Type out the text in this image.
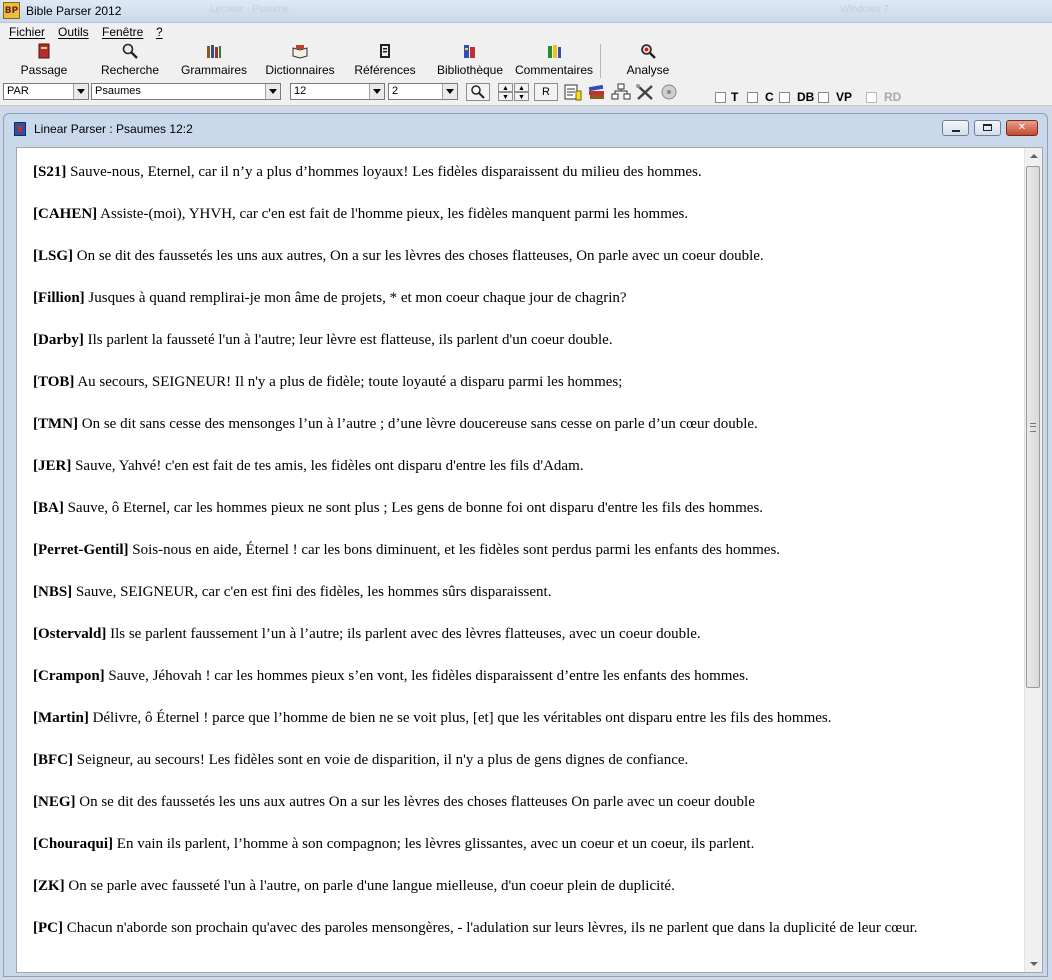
BP Bible Parser 2012	Lecteur - Psaume	Windows 7
Fichier Outils Fenêtre ?
Passage	Recherche	Grammaires Dictionnaires Références Bibliothèque Commentaires	Analyse
PAR	Psaumes	12	2	▲
▼
▲
▼	R	T C DB VP	RD
Linear Parser : Psaumes 12:2	✕
[S21] Sauve-nous, Eternel, car il n’y a plus d’hommes loyaux! Les fidèles disparaissent du milieu des hommes.
[CAHEN] Assiste-(moi), YHVH, car c'en est fait de l'homme pieux, les fidèles manquent parmi les hommes.
[LSG] On se dit des faussetés les uns aux autres, On a sur les lèvres des choses flatteuses, On parle avec un coeur double.
[Fillion] Jusques à quand remplirai-je mon âme de projets, * et mon coeur chaque jour de chagrin?
[Darby] Ils parlent la fausseté l'un à l'autre; leur lèvre est flatteuse, ils parlent d'un coeur double.
[TOB] Au secours, SEIGNEUR! Il n'y a plus de fidèle; toute loyauté a disparu parmi les hommes;
[TMN] On se dit sans cesse des mensonges l’un à l’autre ; d’une lèvre doucereuse sans cesse on parle d’un cœur double.
[JER] Sauve, Yahvé! c'en est fait de tes amis, les fidèles ont disparu d'entre les fils d'Adam.
[BA] Sauve, ô Eternel, car les hommes pieux ne sont plus ; Les gens de bonne foi ont disparu d'entre les fils des hommes.
[Perret-Gentil] Sois-nous en aide, Éternel ! car les bons diminuent, et les fidèles sont perdus parmi les enfants des hommes.
[NBS] Sauve, SEIGNEUR, car c'en est fini des fidèles, les hommes sûrs disparaissent.
[Ostervald] Ils se parlent faussement l’un à l’autre; ils parlent avec des lèvres flatteuses, avec un coeur double.
[Crampon] Sauve, Jéhovah ! car les hommes pieux s’en vont, les fidèles disparaissent d’entre les enfants des hommes.
[Martin] Délivre, ô Éternel ! parce que l’homme de bien ne se voit plus, [et] que les véritables ont disparu entre les fils des hommes.
[BFC] Seigneur, au secours! Les fidèles sont en voie de disparition, il n'y a plus de gens dignes de confiance.
[NEG] On se dit des faussetés les uns aux autres On a sur les lèvres des choses flatteuses On parle avec un coeur double
[Chouraqui] En vain ils parlent, l’homme à son compagnon; les lèvres glissantes, avec un coeur et un coeur, ils parlent.
[ZK] On se parle avec fausseté l'un à l'autre, on parle d'une langue mielleuse, d'un coeur plein de duplicité.
[PC] Chacun n'aborde son prochain qu'avec des paroles mensongères, - l'adulation sur leurs lèvres, ils ne parlent que dans la duplicité de leur cœur.
